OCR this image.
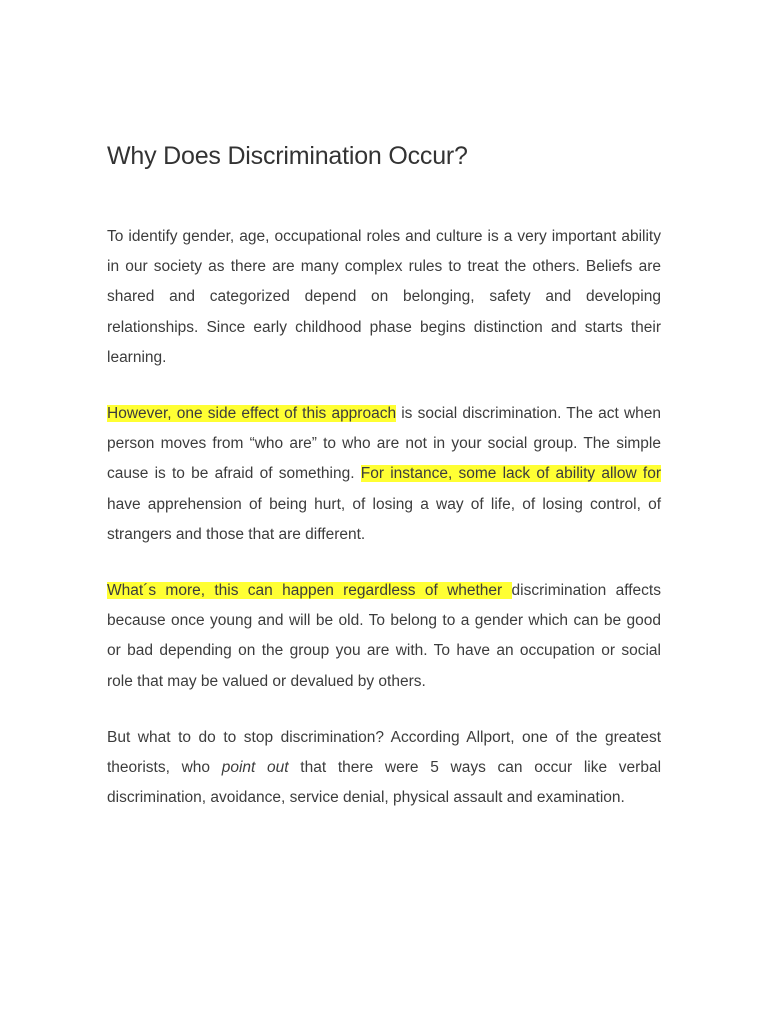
Why Does Discrimination Occur?

To identify gender, age, occupational roles and culture is a very important ability in our society as there are many complex rules to treat the others. Beliefs are shared and categorized depend on belonging, safety and developing relationships. Since early childhood phase begins distinction and starts their learning.

However, one side effect of this approach is social discrimination. The act when person moves from “who are” to who are not in your social group. The simple cause is to be afraid of something. For instance, some lack of ability allow for have apprehension of being hurt, of losing a way of life, of losing control, of strangers and those that are different.

What´s more, this can happen regardless of whether discrimination affects because once young and will be old. To belong to a gender which can be good or bad depending on the group you are with. To have an occupation or social role that may be valued or devalued by others.

But what to do to stop discrimination? According Allport, one of the greatest theorists, who point out that there were 5 ways can occur like verbal discrimination, avoidance, service denial, physical assault and examination.
